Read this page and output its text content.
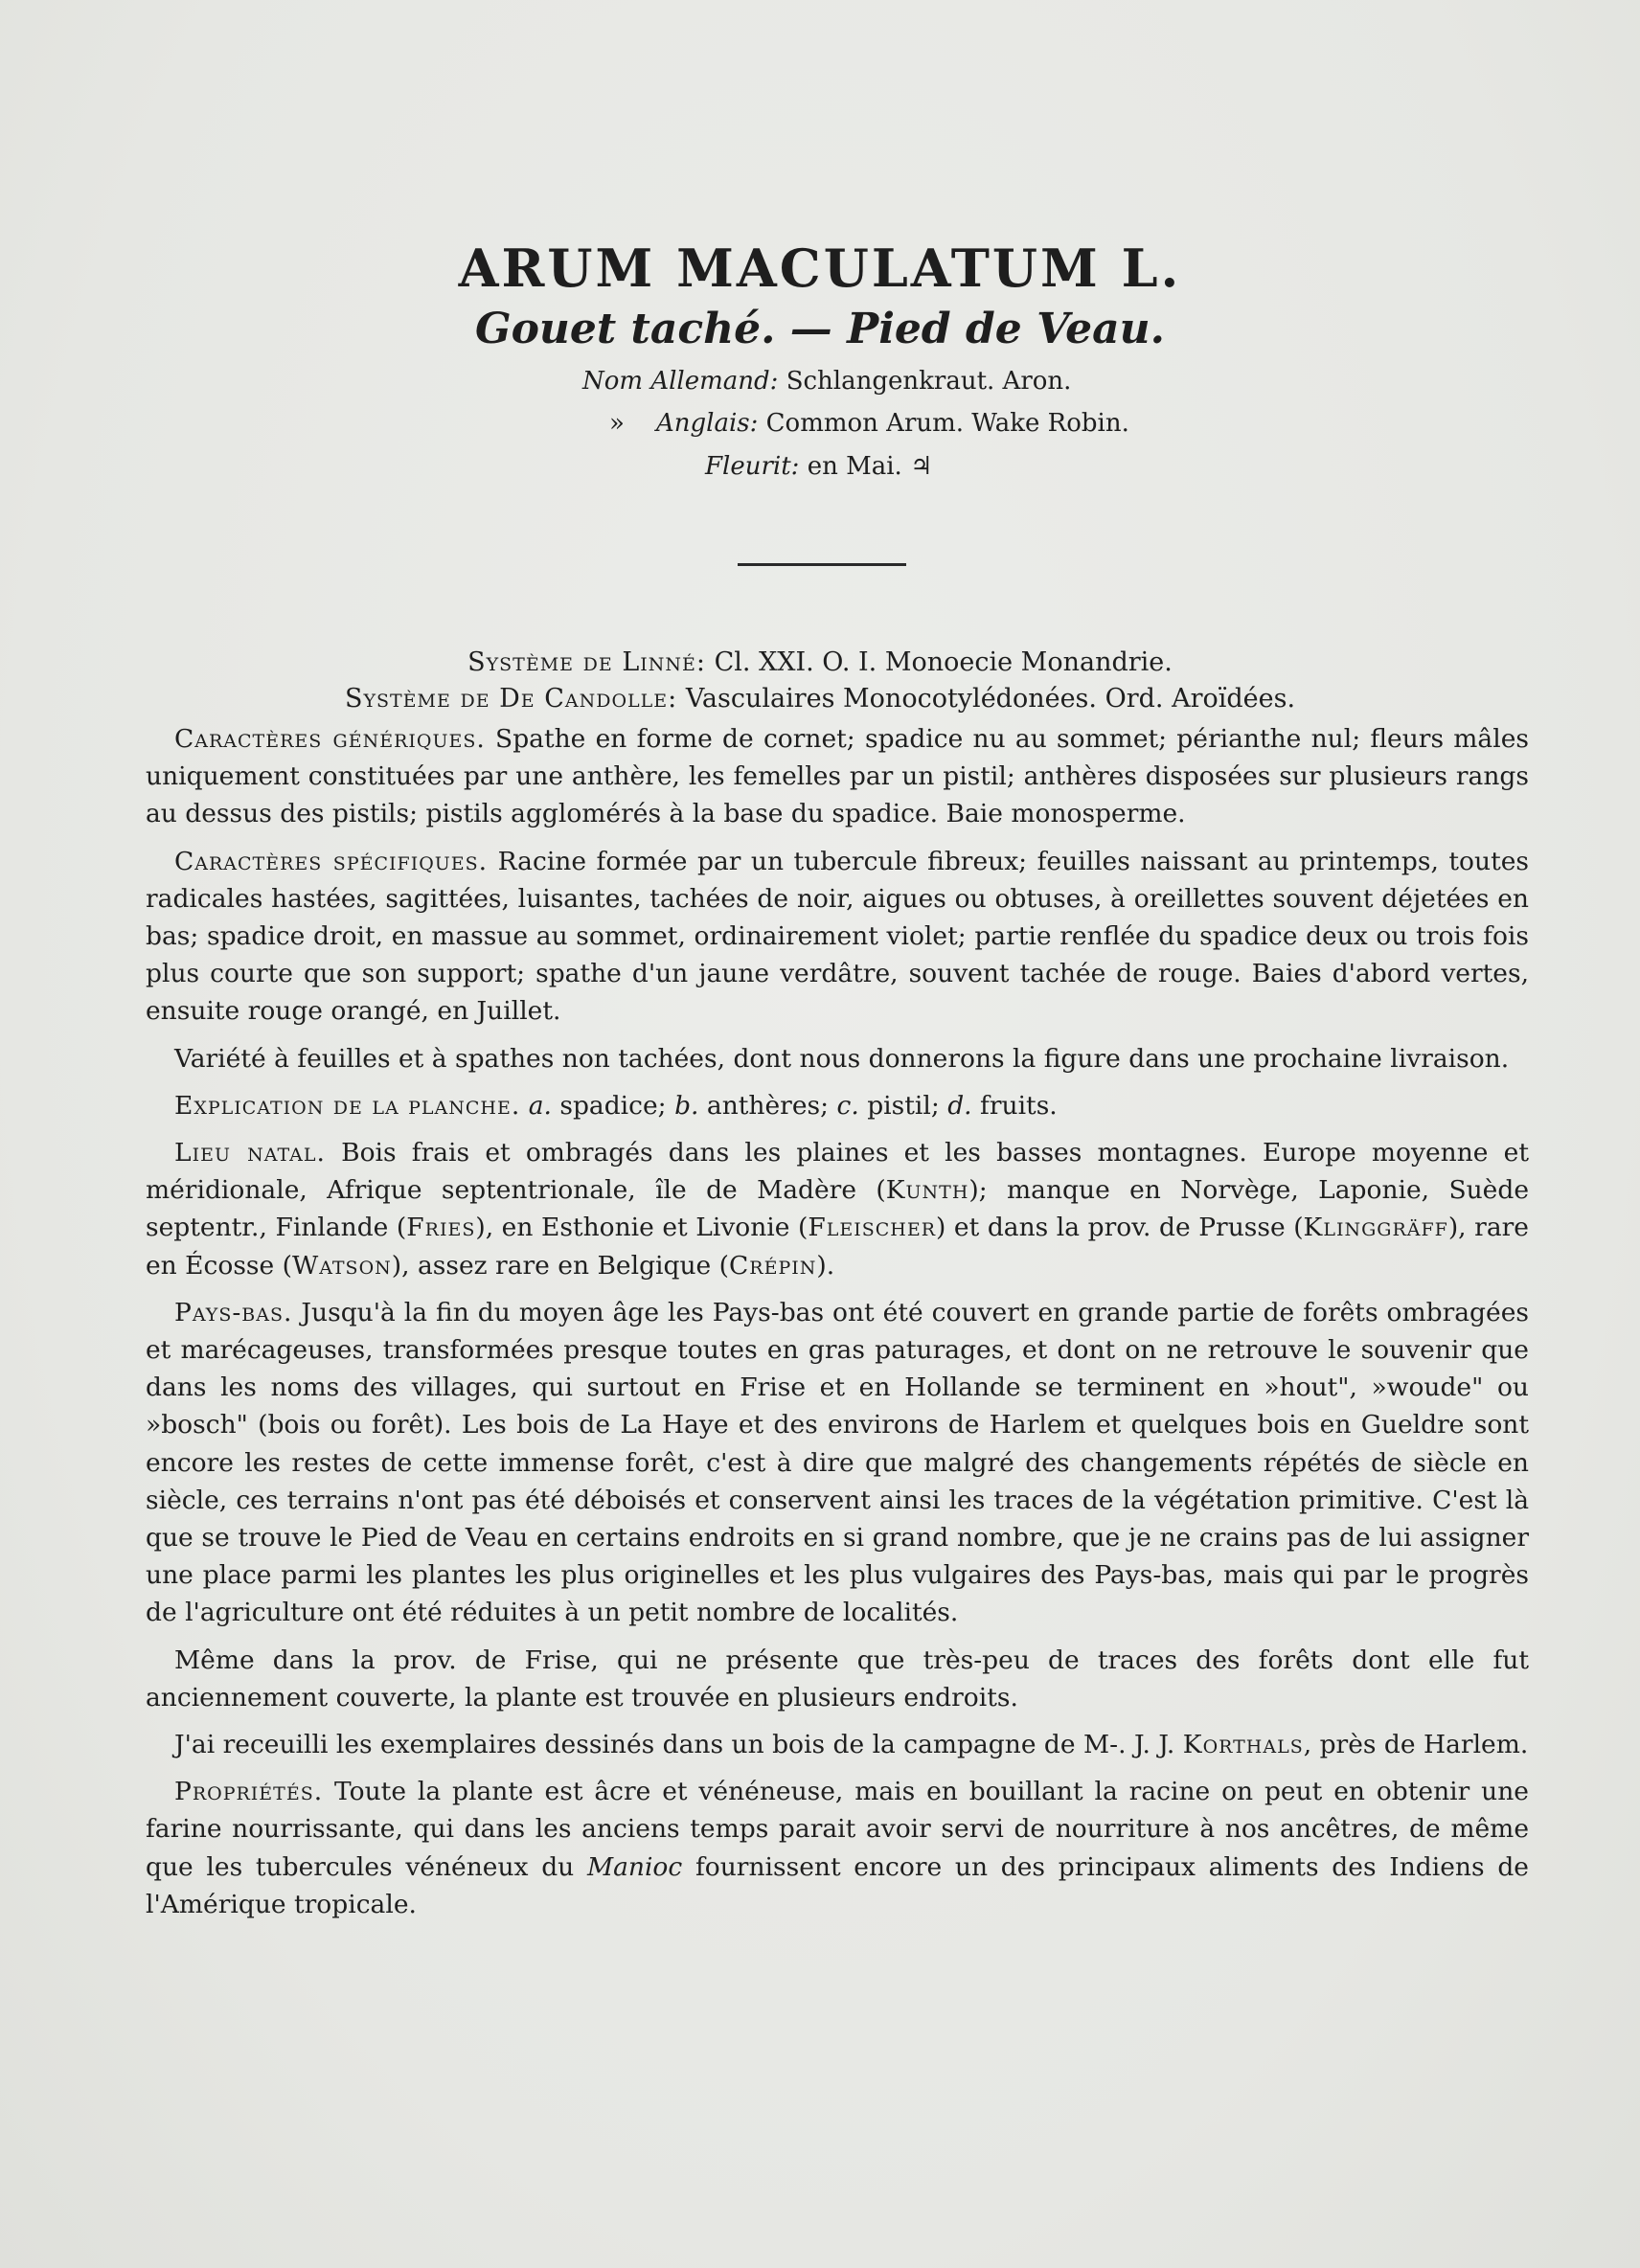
ARUM MACULATUM L.
Gouet taché. — Pied de Veau.
Nom Allemand: Schlangenkraut. Aron.
» Anglais: Common Arum. Wake Robin.
Fleurit: en Mai. ♃
Système de Linné: Cl. XXI. O. I. Monoecie Monandrie.
Système de De Candolle: Vasculaires Monocotylédonées. Ord. Aroïdées.

Caractères génériques. Spathe en forme de cornet; spadice nu au sommet; périanthe nul; fleurs mâles uniquement constituées par une anthère, les femelles par un pistil; anthères disposées sur plusieurs rangs au dessus des pistils; pistils agglomérés à la base du spadice. Baie monosperme.

Caractères spécifiques. Racine formée par un tubercule fibreux; feuilles naissant au printemps, toutes radicales hastées, sagittées, luisantes, tachées de noir, aigues ou obtuses, à oreillettes souvent déjetées en bas; spadice droit, en massue au sommet, ordinairement violet; partie renflée du spadice deux ou trois fois plus courte que son support; spathe d'un jaune verdâtre, souvent tachée de rouge. Baies d'abord vertes, ensuite rouge orangé, en Juillet.

Variété à feuilles et à spathes non tachées, dont nous donnerons la figure dans une prochaine livraison.

Explication de la planche. a. spadice; b. anthères; c. pistil; d. fruits.

Lieu natal. Bois frais et ombragés dans les plaines et les basses montagnes. Europe moyenne et méridionale, Afrique septentrionale, île de Madère (Kunth); manque en Norvège, Laponie, Suède septentr., Finlande (Fries), en Esthonie et Livonie (Fleischer) et dans la prov. de Prusse (Klinggräff), rare en Écosse (Watson), assez rare en Belgique (Crépin).

Pays-bas. Jusqu'à la fin du moyen âge les Pays-bas ont été couvert en grande partie de forêts ombragées et marécageuses, transformées presque toutes en gras paturages, et dont on ne retrouve le souvenir que dans les noms des villages, qui surtout en Frise et en Hollande se terminent en »hout", »woude" ou »bosch" (bois ou forêt). Les bois de La Haye et des environs de Harlem et quelques bois en Gueldre sont encore les restes de cette immense forêt, c'est à dire que malgré des changements répétés de siècle en siècle, ces terrains n'ont pas été déboisés et conservent ainsi les traces de la végétation primitive. C'est là que se trouve le Pied de Veau en certains endroits en si grand nombre, que je ne crains pas de lui assigner une place parmi les plantes les plus originelles et les plus vulgaires des Pays-bas, mais qui par le progrès de l'agriculture ont été réduites à un petit nombre de localités.

Même dans la prov. de Frise, qui ne présente que très-peu de traces des forêts dont elle fut anciennement couverte, la plante est trouvée en plusieurs endroits.

J'ai receuilli les exemplaires dessinés dans un bois de la campagne de M-. J. J. Korthals, près de Harlem.

Propriétés. Toute la plante est âcre et vénéneuse, mais en bouillant la racine on peut en obtenir une farine nourrissante, qui dans les anciens temps parait avoir servi de nourriture à nos ancêtres, de même que les tubercules vénéneux du Manioc fournissent encore un des principaux aliments des Indiens de l'Amérique tropicale.
